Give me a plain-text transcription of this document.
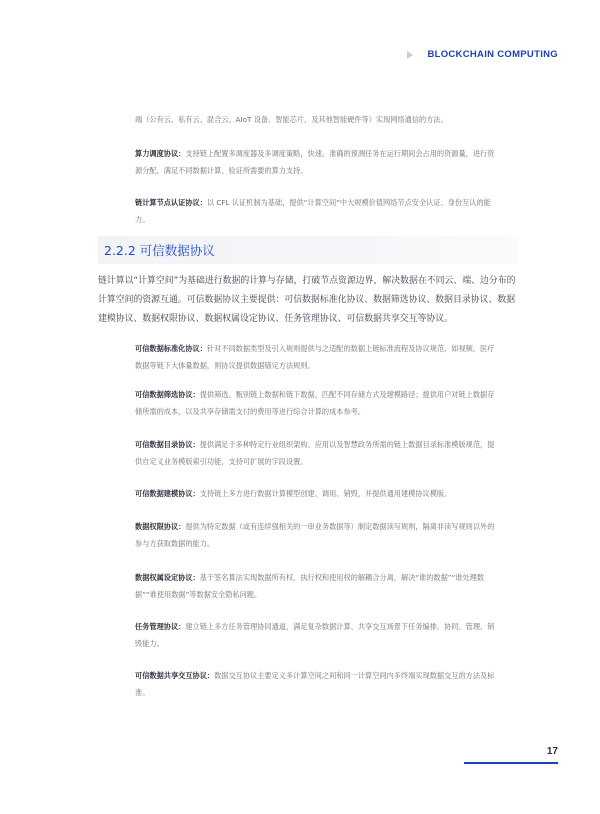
BLOCKCHAIN COMPUTING
端（公有云、私有云、混合云、AIoT 设备、智能芯片、及其他智能硬件等）实现网络通信的方法。
算力调度协议：支持链上配置多调度器及多调度策略，快速、准确的预测任务在运行期间会占用的资源量，进行资源分配，满足不同数据计算、验证所需要的算力支持。
链计算节点认证协议：以 CFL 认证机制为基础，提供“计算空间”中大规模价值网络节点安全认证、身份互认的能力。
2.2.2 可信数据协议
链计算以“计算空间”为基础进行数据的计算与存储，打破节点资源边界，解决数据在不同云、端、边分布的计算空间的资源互通。可信数据协议主要提供：可信数据标准化协议、数据筛选协议、数据目录协议、数据建模协议、数据权限协议、数据权属设定协议、任务管理协议、可信数据共享交互等协议。
可信数据标准化协议：针对不同数据类型及引入规则提供与之适配的数据上链标准流程及协议规范，如视频、医疗数据等链下大体量数据，则协议提供数据锚定方法规则。
可信数据筛选协议：提供筛选、甄别链上数据和链下数据，匹配不同存储方式及建模路径；提供用户对链上数据存储所需的成本，以及共享存储需支付的费用等进行综合计算的成本参考。
可信数据目录协议：提供满足于多种特定行业组织架构、应用以及智慧政务所需的链上数据目录标准模版规范，提供自定义业务模版索引功能，支持可扩展的字段设置。
可信数据建模协议：支持链上多方进行数据计算模型创建、调用、销毁，并提供通用建模协议模版。
数据权限协议：提供为特定数据（或有连续强相关的一串业务数据等）制定数据读写规则，隔离非读写规则以外的参与方获取数据的能力。
数据权属设定协议：基于签名算法实现数据所有权、执行权和使用权的解耦合分离，解决“谁的数据”“谁处理数据”“谁使用数据”等数据安全隐私问题。
任务管理协议：建立链上多方任务管理协同通道，满足复杂数据计算、共享交互场景下任务编排、协同、管理、销毁能力。
可信数据共享交互协议：数据交互协议主要定义多计算空间之间和同一计算空间内多终端实现数据交互的方法及标准。
17
